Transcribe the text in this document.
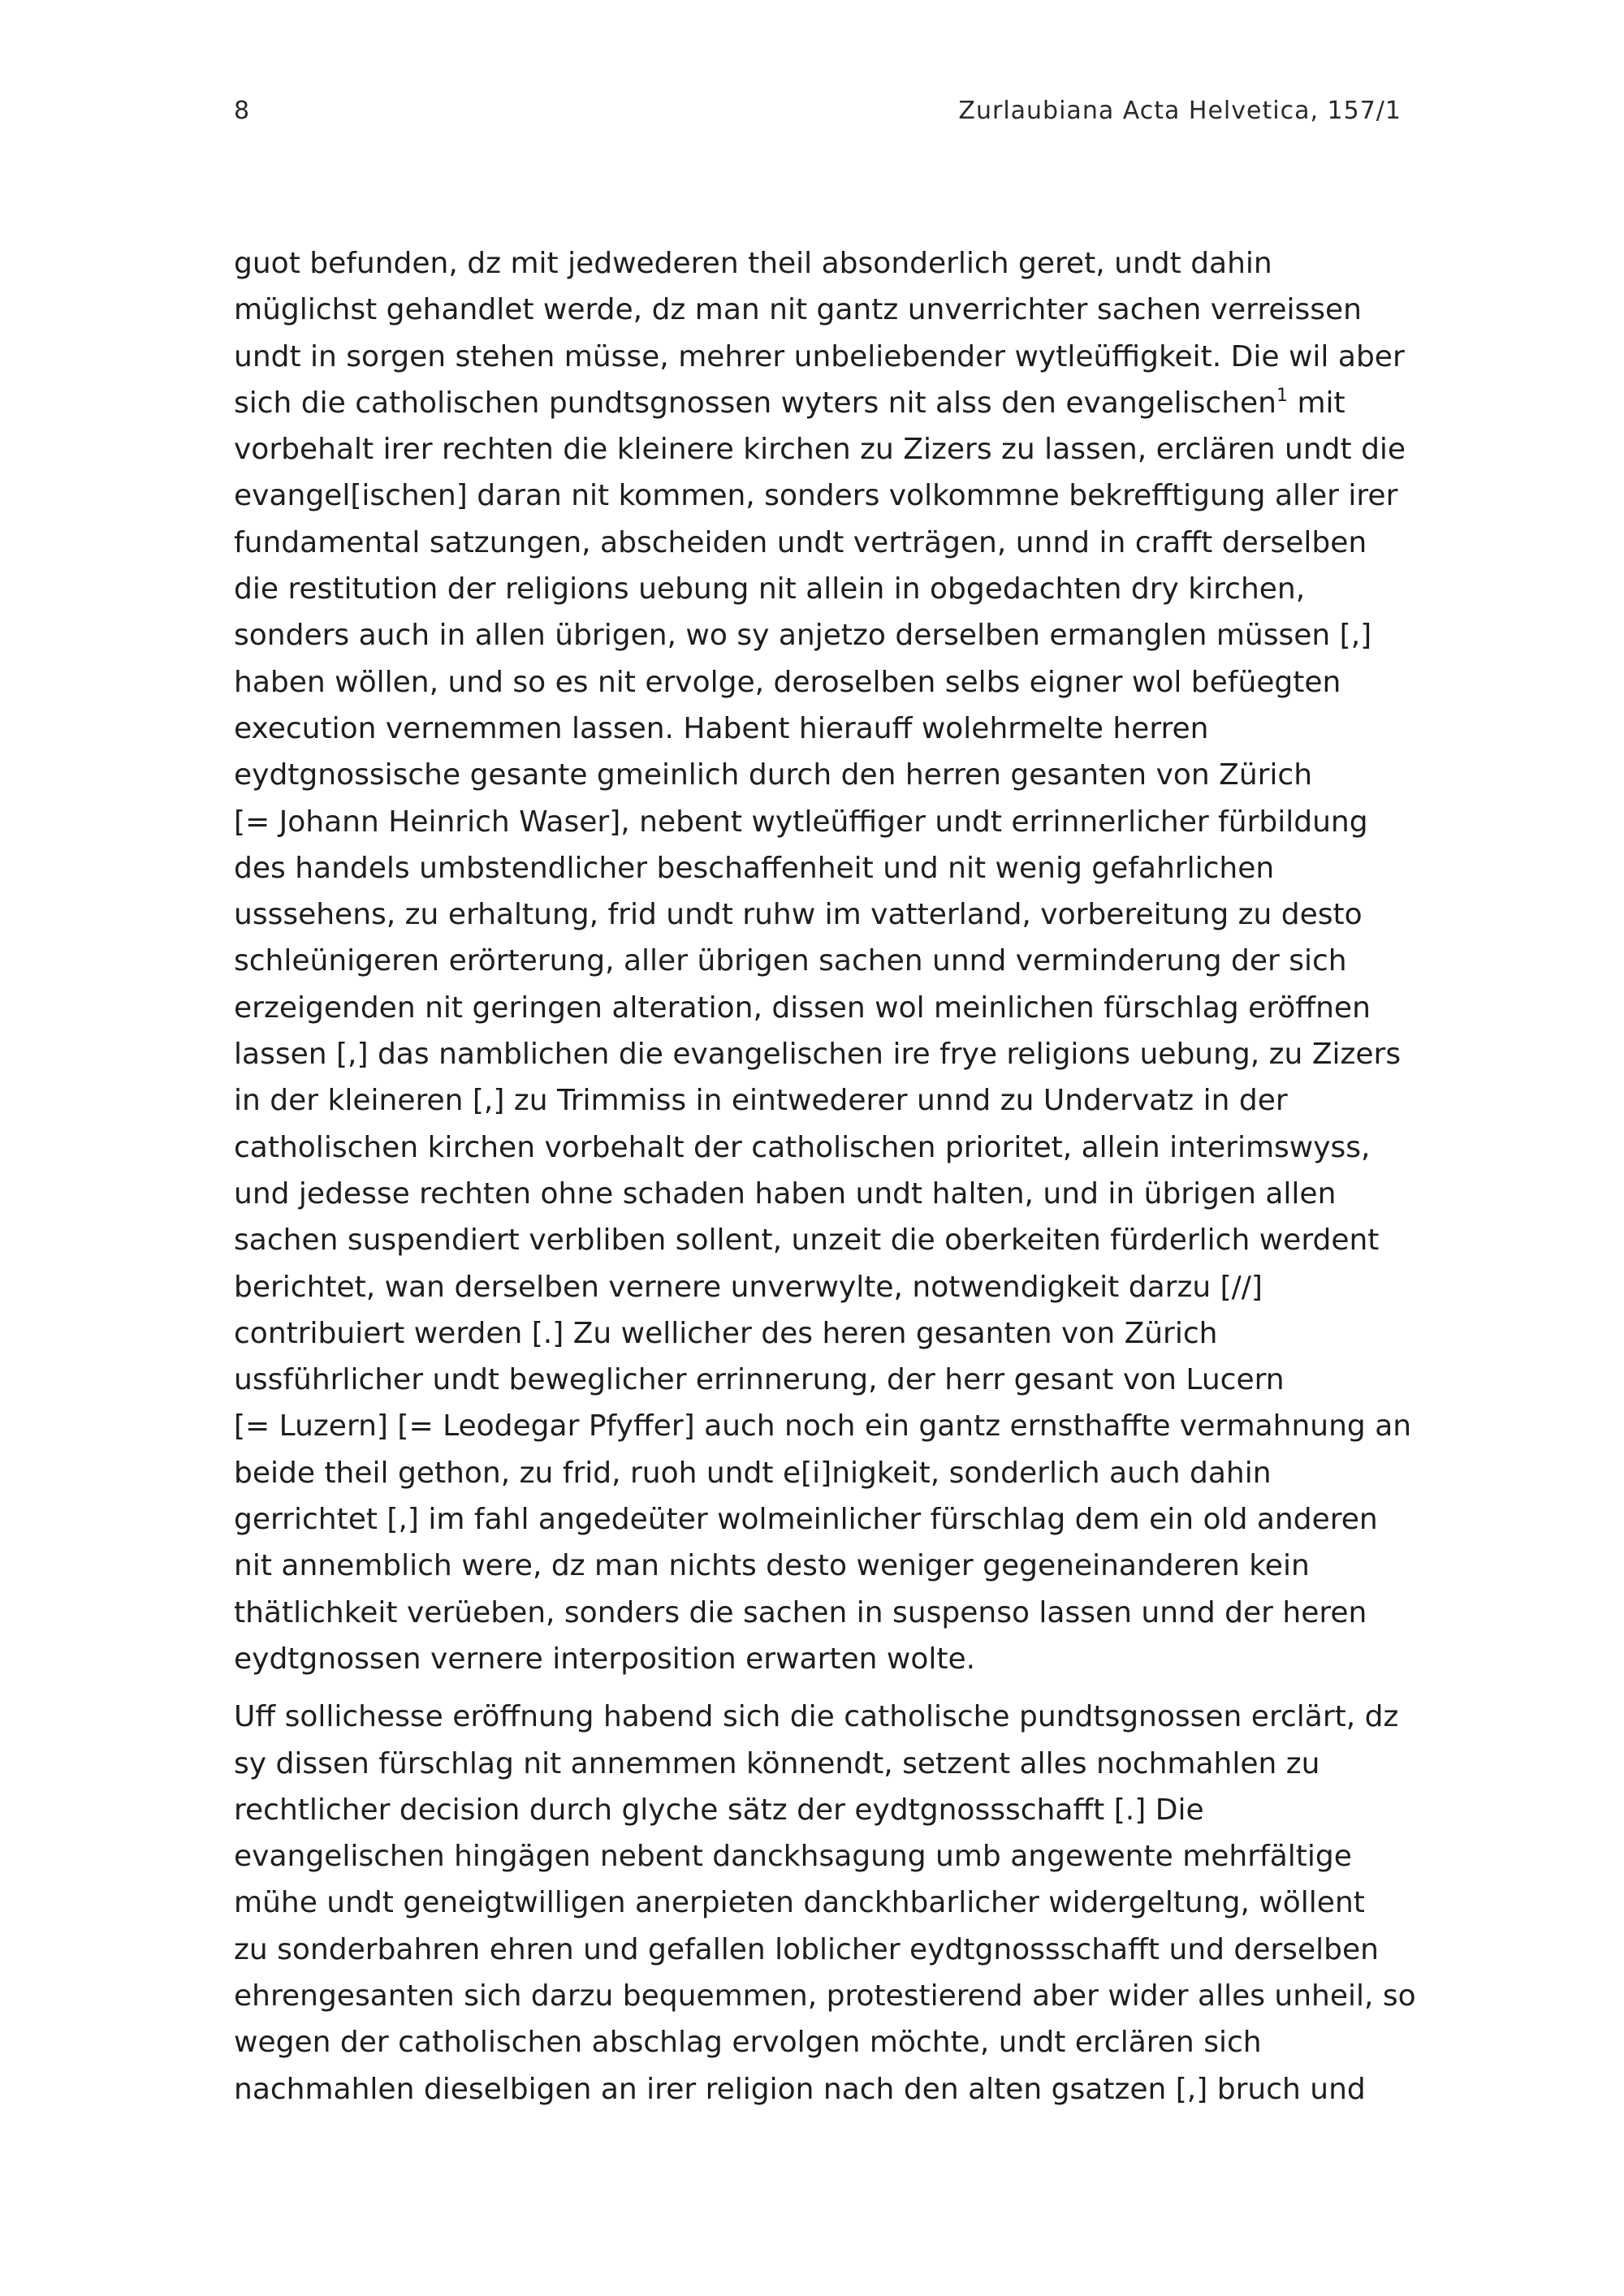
8	Zurlaubiana Acta Helvetica, 157/1
guot befunden, dz mit jedwederen theil absonderlich geret, undt dahin
müglichst gehandlet werde, dz man nit gantz unverrichter sachen verreissen
undt in sorgen stehen müsse, mehrer unbeliebender wytleüffigkeit. Die wil aber
sich die catholischen pundtsgnossen wyters nit alss den evangelischen$^1$ mit
vorbehalt irer rechten die kleinere kirchen zu Zizers zu lassen, erclären undt die
evangel[ischen] daran nit kommen, sonders volkommne bekrefftigung aller irer
fundamental satzungen, abscheiden undt verträgen, unnd in crafft derselben
die restitution der religions uebung nit allein in obgedachten dry kirchen,
sonders auch in allen übrigen, wo sy anjetzo derselben ermanglen müssen [,]
haben wöllen, und so es nit ervolge, deroselben selbs eigner wol befüegten
execution vernemmen lassen. Habent hierauff wolehrmelte herren
eydtgnossische gesante gmeinlich durch den herren gesanten von Zürich
[= Johann Heinrich Waser], nebent wytleüffiger undt errinnerlicher fürbildung
des handels umbstendlicher beschaffenheit und nit wenig gefahrlichen
usssehens, zu erhaltung, frid undt ruhw im vatterland, vorbereitung zu desto
schleünigeren erörterung, aller übrigen sachen unnd verminderung der sich
erzeigenden nit geringen alteration, dissen wol meinlichen fürschlag eröffnen
lassen [,] das namblichen die evangelischen ire frye religions uebung, zu Zizers
in der kleineren [,] zu Trimmiss in eintwederer unnd zu Undervatz in der
catholischen kirchen vorbehalt der catholischen prioritet, allein interimswyss,
und jedesse rechten ohne schaden haben undt halten, und in übrigen allen
sachen suspendiert verbliben sollent, unzeit die oberkeiten fürderlich werdent
berichtet, wan derselben vernere unverwylte, notwendigkeit darzu [//]
contribuiert werden [.] Zu wellicher des heren gesanten von Zürich
ussführlicher undt beweglicher errinnerung, der herr gesant von Lucern
[= Luzern] [= Leodegar Pfyffer] auch noch ein gantz ernsthaffte vermahnung an
beide theil gethon, zu frid, ruoh undt e[i]nigkeit, sonderlich auch dahin
gerrichtet [,] im fahl angedeüter wolmeinlicher fürschlag dem ein old anderen
nit annemblich were, dz man nichts desto weniger gegeneinanderen kein
thätlichkeit verüeben, sonders die sachen in suspenso lassen unnd der heren
eydtgnossen vernere interposition erwarten wolte.
Uff sollichesse eröffnung habend sich die catholische pundtsgnossen erclärt, dz
sy dissen fürschlag nit annemmen könnendt, setzent alles nochmahlen zu
rechtlicher decision durch glyche sätz der eydtgnossschafft [.] Die
evangelischen hingägen nebent danckhsagung umb angewente mehrfältige
mühe undt geneigtwilligen anerpieten danckhbarlicher widergeltung, wöllent
zu sonderbahren ehren und gefallen loblicher eydtgnossschafft und derselben
ehrengesanten sich darzu bequemmen, protestierend aber wider alles unheil, so
wegen der catholischen abschlag ervolgen möchte, undt erclären sich
nachmahlen dieselbigen an irer religion nach den alten gsatzen [,] bruch und
